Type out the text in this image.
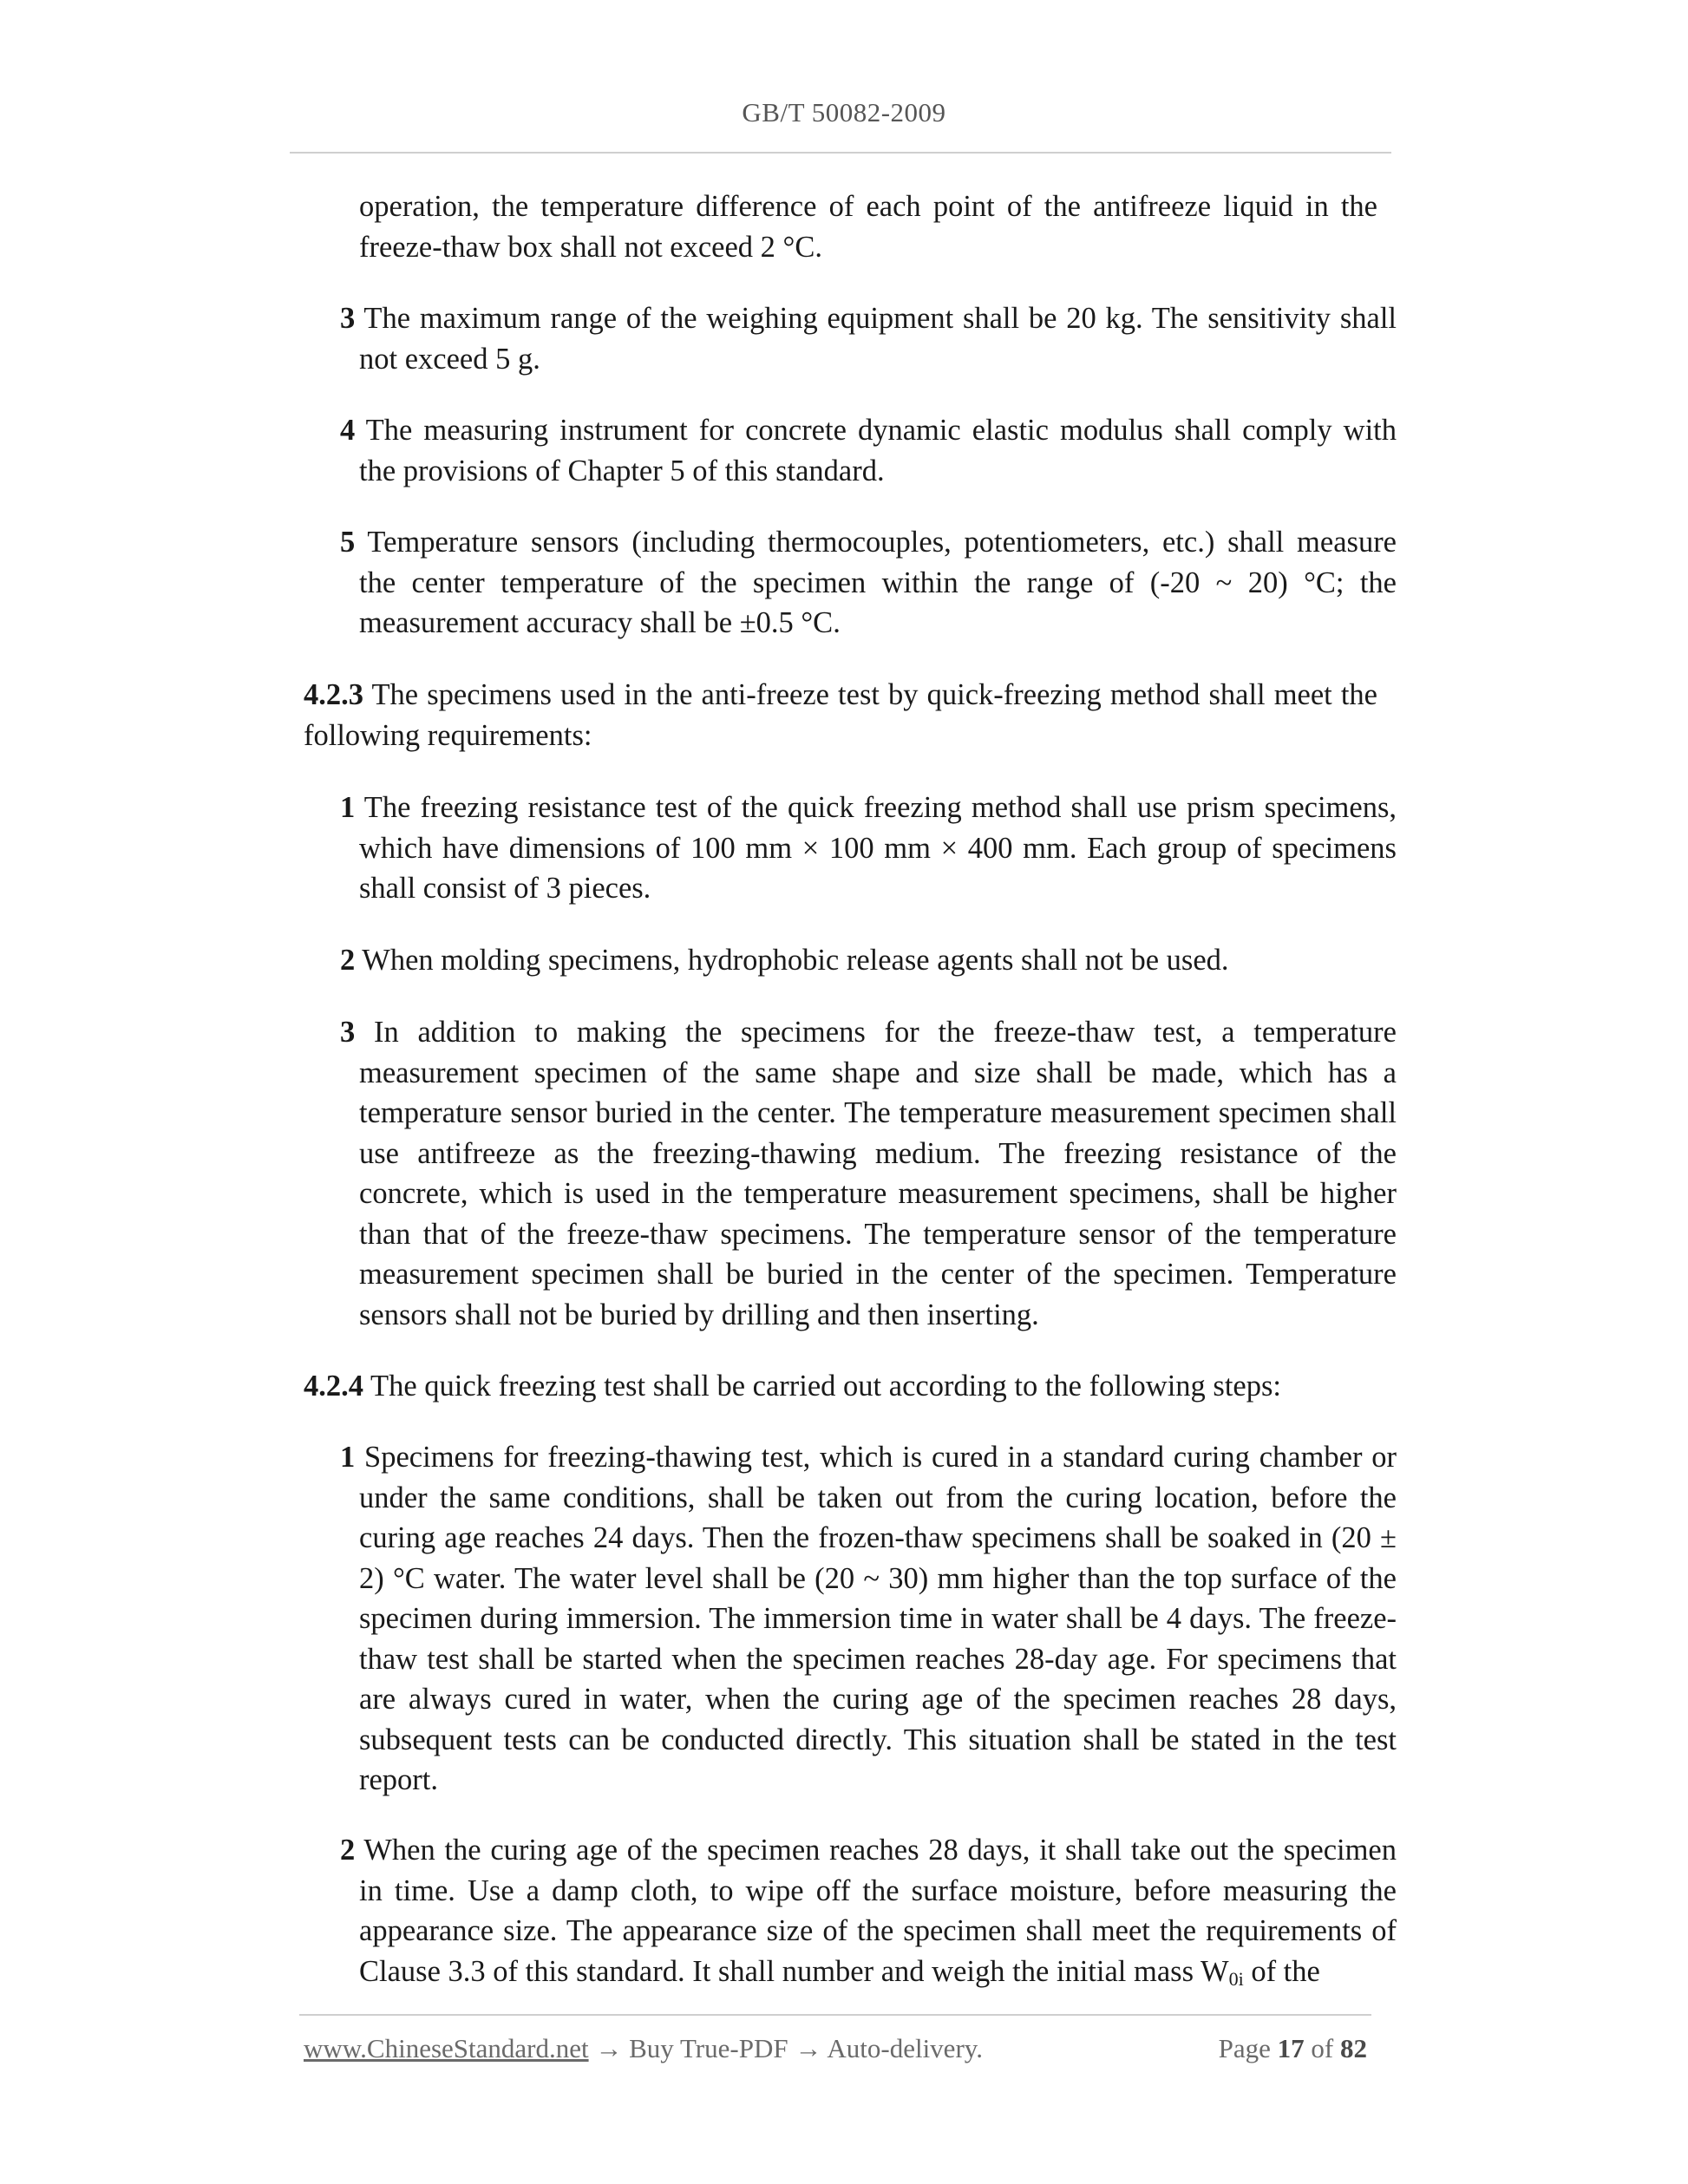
GB/T 50082-2009

operation, the temperature difference of each point of the antifreeze liquid in the freeze-thaw box shall not exceed 2 °C.

3 The maximum range of the weighing equipment shall be 20 kg. The sensitivity shall not exceed 5 g.

4 The measuring instrument for concrete dynamic elastic modulus shall comply with the provisions of Chapter 5 of this standard.

5 Temperature sensors (including thermocouples, potentiometers, etc.) shall measure the center temperature of the specimen within the range of (-20 ~ 20) °C; the measurement accuracy shall be ±0.5 °C.

4.2.3 The specimens used in the anti-freeze test by quick-freezing method shall meet the following requirements:

1 The freezing resistance test of the quick freezing method shall use prism specimens, which have dimensions of 100 mm × 100 mm × 400 mm. Each group of specimens shall consist of 3 pieces.

2 When molding specimens, hydrophobic release agents shall not be used.

3 In addition to making the specimens for the freeze-thaw test, a temperature measurement specimen of the same shape and size shall be made, which has a temperature sensor buried in the center. The temperature measurement specimen shall use antifreeze as the freezing-thawing medium. The freezing resistance of the concrete, which is used in the temperature measurement specimens, shall be higher than that of the freeze-thaw specimens. The temperature sensor of the temperature measurement specimen shall be buried in the center of the specimen. Temperature sensors shall not be buried by drilling and then inserting.

4.2.4 The quick freezing test shall be carried out according to the following steps:

1 Specimens for freezing-thawing test, which is cured in a standard curing chamber or under the same conditions, shall be taken out from the curing location, before the curing age reaches 24 days. Then the frozen-thaw specimens shall be soaked in (20 ± 2) °C water. The water level shall be (20 ~ 30) mm higher than the top surface of the specimen during immersion. The immersion time in water shall be 4 days. The freeze-thaw test shall be started when the specimen reaches 28-day age. For specimens that are always cured in water, when the curing age of the specimen reaches 28 days, subsequent tests can be conducted directly. This situation shall be stated in the test report.

2 When the curing age of the specimen reaches 28 days, it shall take out the specimen in time. Use a damp cloth, to wipe off the surface moisture, before measuring the appearance size. The appearance size of the specimen shall meet the requirements of Clause 3.3 of this standard. It shall number and weigh the initial mass $W_{0i}$ of the

www.ChineseStandard.net → Buy True-PDF → Auto-delivery.	Page 17 of 82
